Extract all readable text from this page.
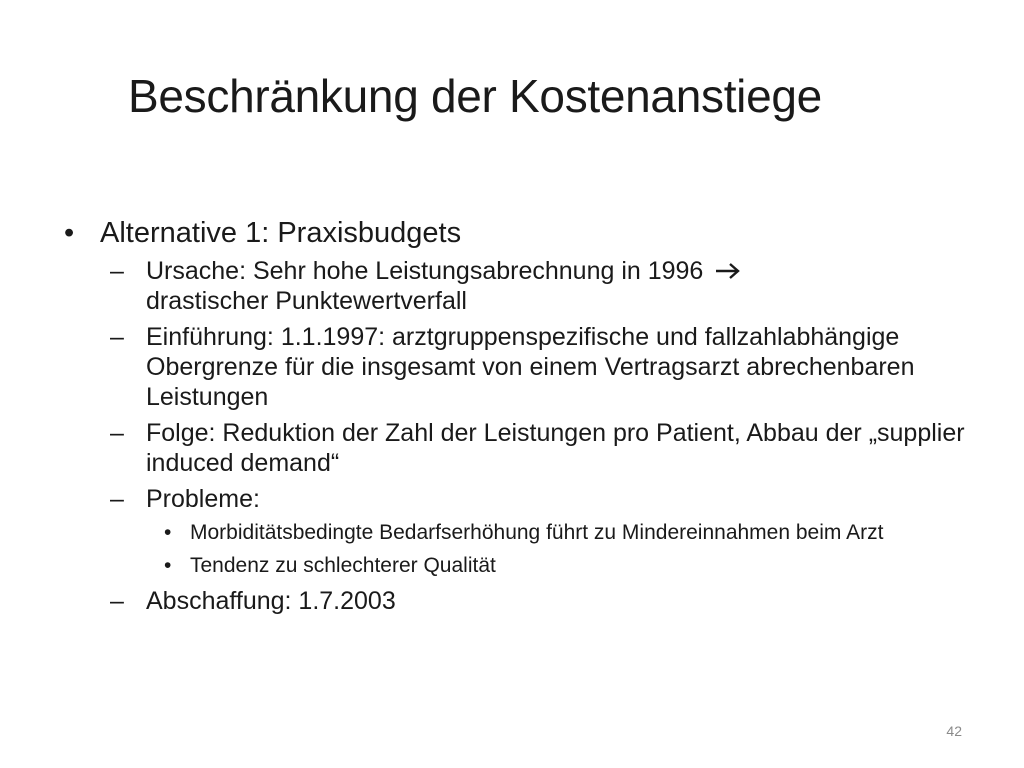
Beschränkung der Kostenanstiege
• Alternative 1: Praxisbudgets
– Ursache: Sehr hohe Leistungsabrechnung in 1996
drastischer Punktewertverfall
– Einführung: 1.1.1997: arztgruppenspezifische und fallzahlabhängige Obergrenze für die insgesamt von einem Vertragsarzt abrechenbaren Leistungen
– Folge: Reduktion der Zahl der Leistungen pro Patient, Abbau der „supplier induced demand“
– Probleme:
• Morbiditätsbedingte Bedarfserhöhung führt zu Mindereinnahmen beim Arzt
• Tendenz zu schlechterer Qualität
– Abschaffung: 1.7.2003
42
